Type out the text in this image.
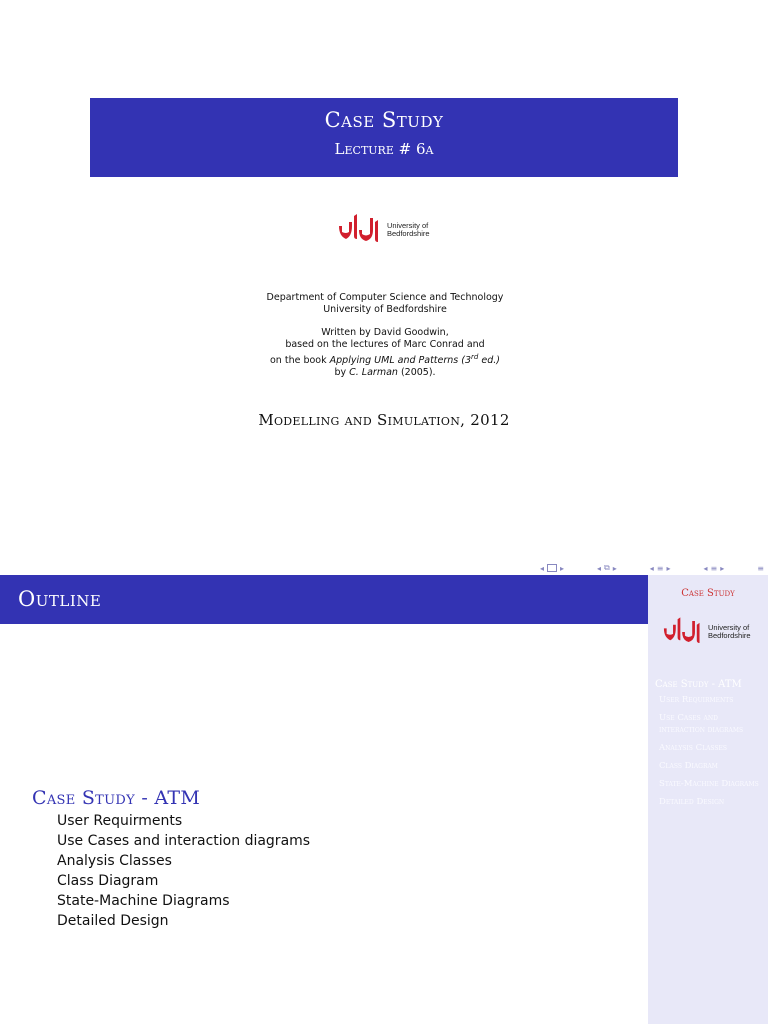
Case Study
Lecture # 6a
University of
Bedfordshire
Department of Computer Science and Technology
University of Bedfordshire
Written by David Goodwin,
based on the lectures of Marc Conrad and
on the book Applying UML and Patterns (3rd ed.)
by C. Larman (2005).
Modelling and Simulation, 2012
◂ ▸	◂ ⧉ ▸	◂ ≡ ▸	◂ ≡ ▸	≡
Outline	Case Study
University of
Bedfordshire
Case Study - ATM
User Requirments
Use Cases and interaction diagrams
Analysis Classes
Class Diagram
State-Machine Diagrams
Detailed Design
Case Study - ATM
User Requirments
Use Cases and interaction diagrams
Analysis Classes
Class Diagram
State-Machine Diagrams
Detailed Design
